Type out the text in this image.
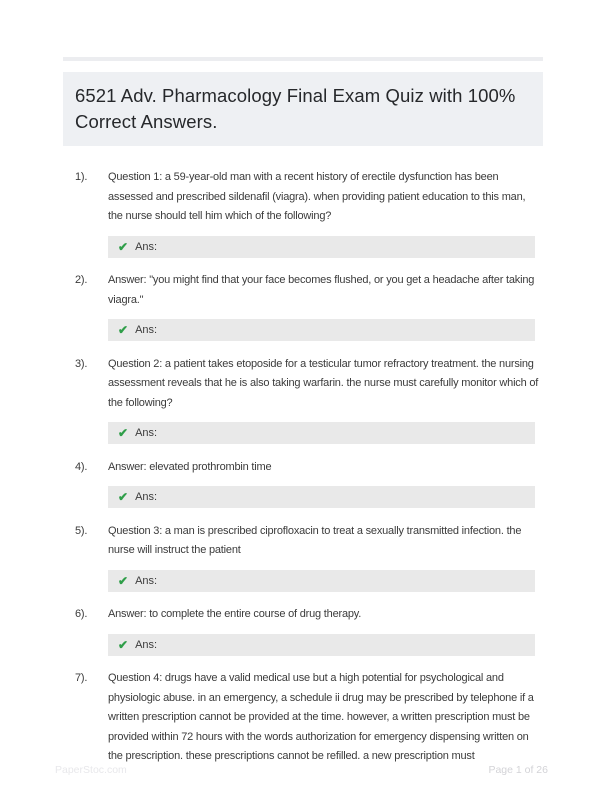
6521 Adv. Pharmacology Final Exam Quiz with 100% Correct Answers.
1).	Question 1: a 59-year-old man with a recent history of erectile dysfunction has been assessed and prescribed sildenafil (viagra). when providing patient education to this man, the nurse should tell him which of the following?

✔ Ans:
2).	Answer: "you might find that your face becomes flushed, or you get a headache after taking viagra."

✔ Ans:
3).	Question 2: a patient takes etoposide for a testicular tumor refractory treatment. the nursing assessment reveals that he is also taking warfarin. the nurse must carefully monitor which of the following?

✔ Ans:
4).	Answer: elevated prothrombin time

✔ Ans:
5).	Question 3: a man is prescribed ciprofloxacin to treat a sexually transmitted infection. the nurse will instruct the patient

✔ Ans:
6).	Answer: to complete the entire course of drug therapy.

✔ Ans:
7).	Question 4: drugs have a valid medical use but a high potential for psychological and physiologic abuse. in an emergency, a schedule ii drug may be prescribed by telephone if a written prescription cannot be provided at the time. however, a written prescription must be provided within 72 hours with the words authorization for emergency dispensing written on the prescription. these prescriptions cannot be refilled. a new prescription must

PaperStoc.com	Page 1 of 26
